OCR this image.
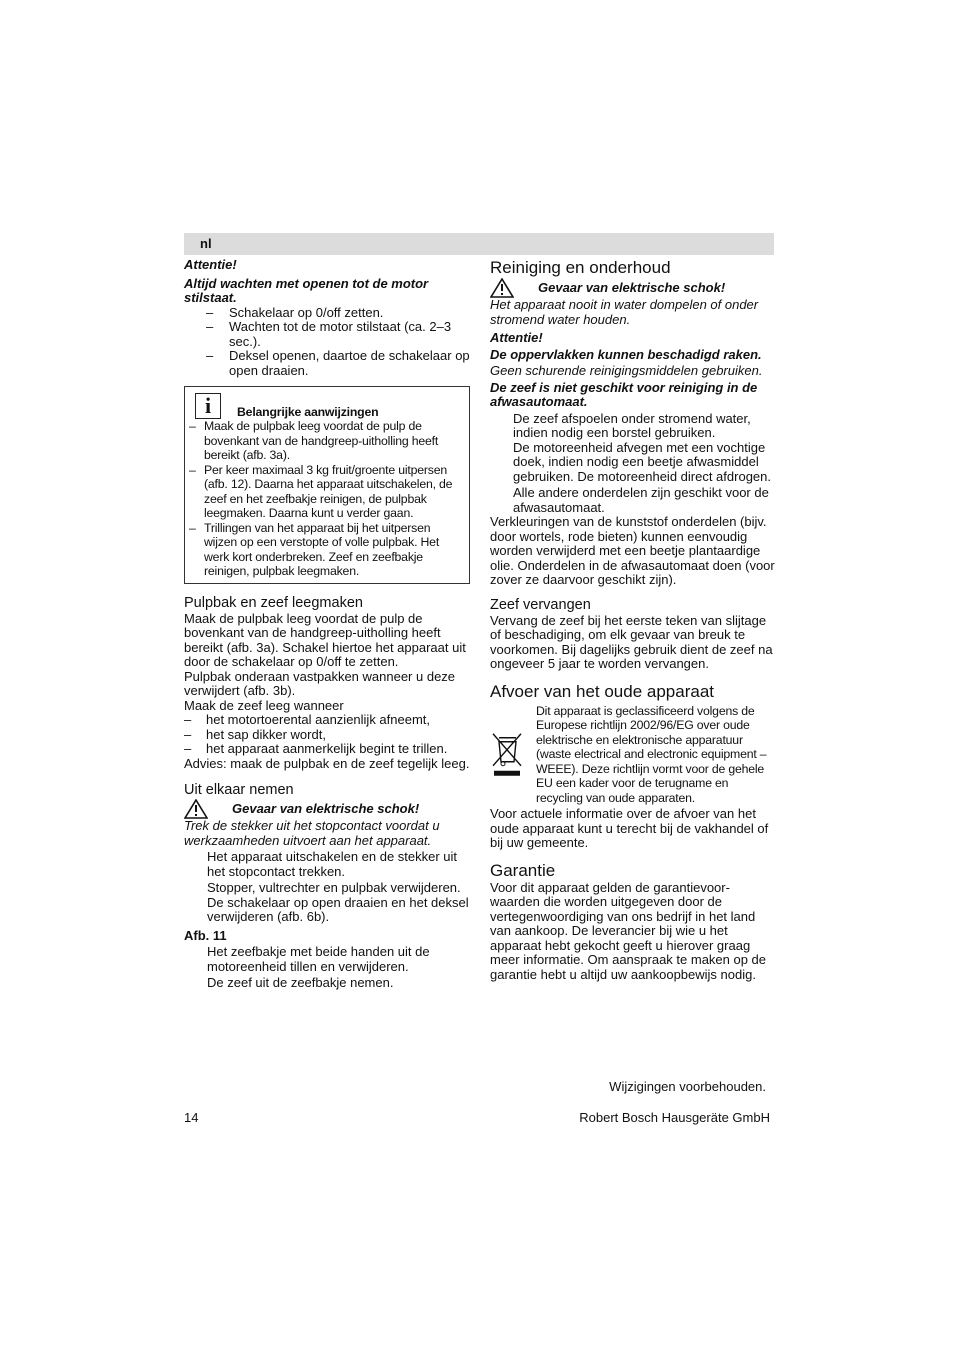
nl

Attentie!

Altijd wachten met openen tot de motor stilstaat.

– Schakelaar op 0/off zetten.
– Wachten tot de motor stilstaat (ca. 2–3 sec.).
– Deksel openen, daartoe de schakelaar op open draaien.
i	Belangrijke aanwijzingen
– Maak de pulpbak leeg voordat de pulp de bovenkant van de handgreep-uitholling heeft bereikt (afb. 3a).
– Per keer maximaal 3 kg fruit/groente uitpersen (afb. 12). Daarna het apparaat uitschakelen, de zeef en het zeefbakje reinigen, de pulpbak leegmaken. Daarna kunt u verder gaan.
– Trillingen van het apparaat bij het uitpersen wijzen op een verstopte of volle pulpbak. Het werk kort onderbreken. Zeef en zeefbakje reinigen, pulpbak leegmaken.
Pulpbak en zeef leegmaken

Maak de pulpbak leeg voordat de pulp de bovenkant van de handgreep-uitholling heeft bereikt (afb. 3a). Schakel hiertoe het apparaat uit door de schakelaar op 0/off te zetten.

Pulpbak onderaan vastpakken wanneer u deze verwijdert (afb. 3b).

Maak de zeef leeg wanneer

– het motortoerental aanzienlijk afneemt,
– het sap dikker wordt,
– het apparaat aanmerkelijk begint te trillen.

Advies: maak de pulpbak en de zeef tegelijk leeg.

Uit elkaar nemen
Gevaar van elektrische schok!

Trek de stekker uit het stopcontact voordat u werkzaamheden uitvoert aan het apparaat.

Het apparaat uitschakelen en de stekker uit het stopcontact trekken.

Stopper, vultrechter en pulpbak verwijderen. De schakelaar op open draaien en het deksel verwijderen (afb. 6b).

Afb. 11

Het zeefbakje met beide handen uit de motoreenheid tillen en verwijderen.

De zeef uit de zeefbakje nemen.

Reiniging en onderhoud
Gevaar van elektrische schok!

Het apparaat nooit in water dompelen of onder stromend water houden.

Attentie!

De oppervlakken kunnen beschadigd raken.

Geen schurende reinigingsmiddelen gebruiken.

De zeef is niet geschikt voor reiniging in de afwasautomaat.

De zeef afspoelen onder stromend water, indien nodig een borstel gebruiken.

De motoreenheid afvegen met een vochtige doek, indien nodig een beetje afwasmiddel gebruiken. De motoreenheid direct afdrogen.

Alle andere onderdelen zijn geschikt voor de afwasautomaat.

Verkleuringen van de kunststof onderdelen (bijv. door wortels, rode bieten) kunnen eenvoudig worden verwijderd met een beetje plantaardige olie. Onderdelen in de afwasautomaat doen (voor zover ze daarvoor geschikt zijn).

Zeef vervangen

Vervang de zeef bij het eerste teken van slijtage of beschadiging, om elk gevaar van breuk te voorkomen. Bij dagelijks gebruik dient de zeef na ongeveer 5 jaar te worden vervangen.

Afvoer van het oude apparaat

Dit apparaat is geclassificeerd volgens de Europese richtlijn 2002/96/EG over oude elektrische en elektronische apparatuur (waste electrical and electronic equipment – WEEE). Deze richtlijn vormt voor de gehele EU een kader voor de terugname en recycling van oude apparaten.

Voor actuele informatie over de afvoer van het oude apparaat kunt u terecht bij de vakhandel of bij uw gemeente.

Garantie

Voor dit apparaat gelden de garantievoor- waarden die worden uitgegeven door de vertegenwoordiging van ons bedrijf in het land van aankoop. De leverancier bij wie u het apparaat hebt gekocht geeft u hierover graag meer informatie. Om aanspraak te maken op de garantie hebt u altijd uw aankoopbewijs nodig.

Wijzigingen voorbehouden.
14	Robert Bosch Hausgeräte GmbH
